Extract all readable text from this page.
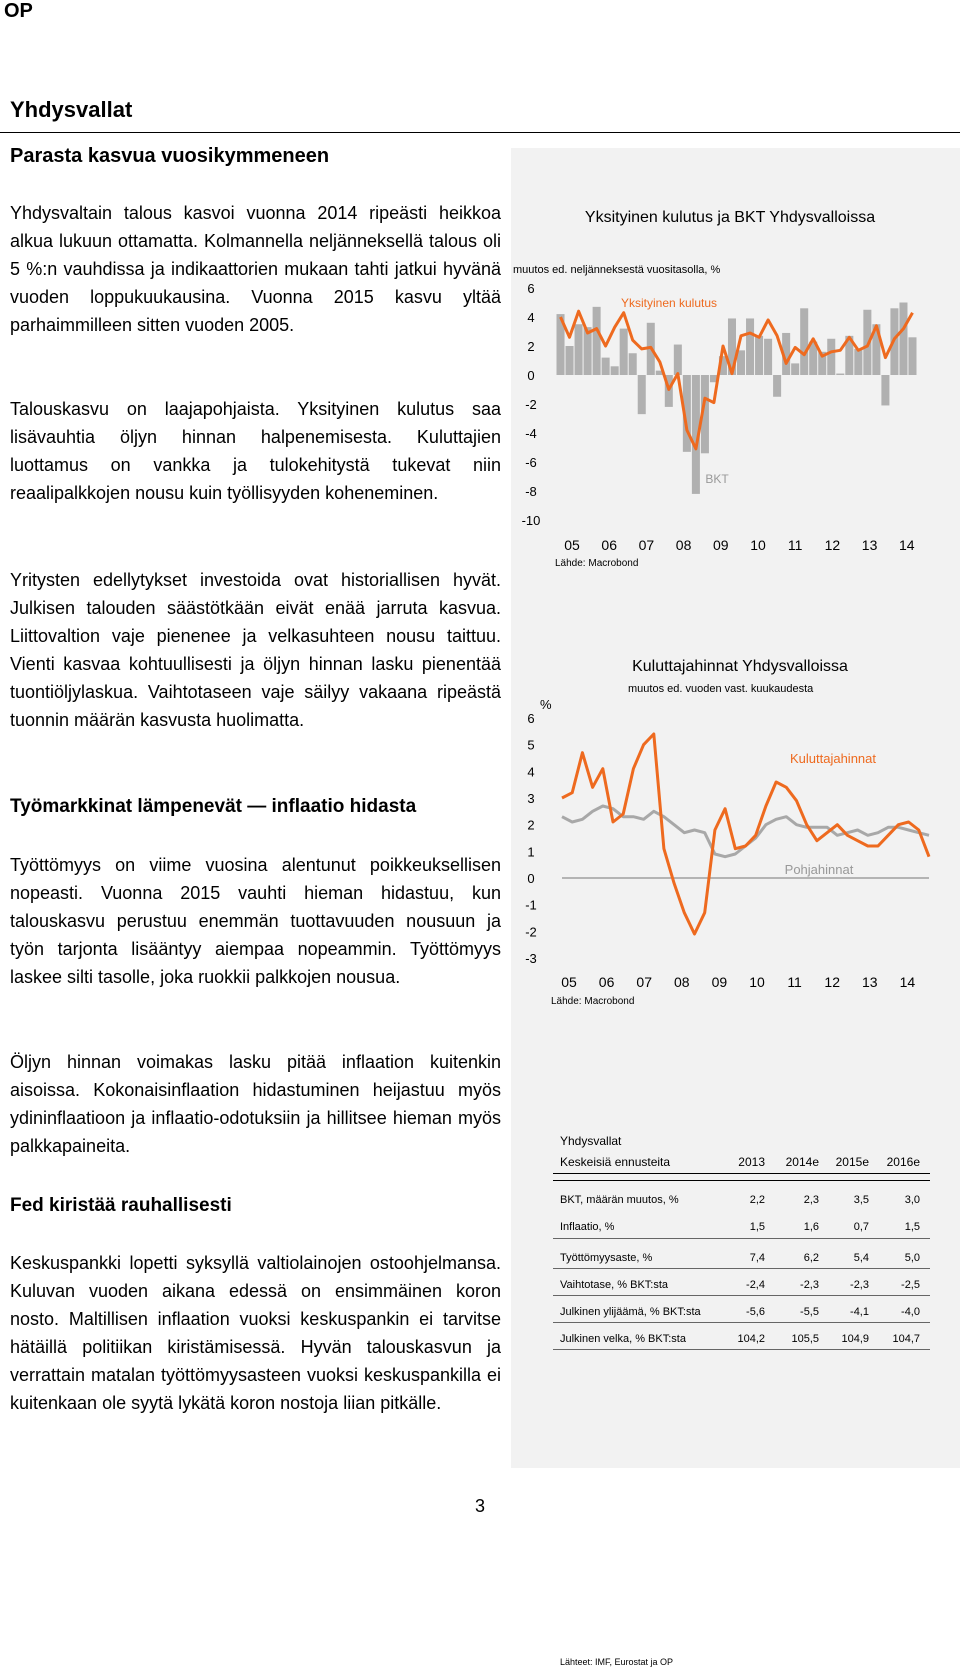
OP
Yhdysvallat
Parasta kasvua vuosikymmeneen

Yhdysvaltain talous kasvoi vuonna 2014 ripeästi heikkoa alkua lukuun ottamatta. Kolmannella neljänneksellä talous oli 5 %:n vauhdissa ja indikaattorien mukaan tahti jatkui hyvänä vuoden loppukuukausina. Vuonna 2015 kasvu yltää parhaimmilleen sitten vuoden 2005.

Talouskasvu on laajapohjaista. Yksityinen kulutus saa lisävauhtia öljyn hinnan halpenemisesta. Kuluttajien luottamus on vankka ja tulokehitystä tukevat niin reaalipalkkojen nousu kuin työllisyyden koheneminen.

Yritysten edellytykset investoida ovat historiallisen hyvät. Julkisen talouden säästötkään eivät enää jarruta kasvua. Liittovaltion vaje pienenee ja velkasuhteen nousu taittuu. Vienti kasvaa kohtuullisesti ja öljyn hinnan lasku pienentää tuontiöljylaskua. Vaihtotaseen vaje säilyy vakaana ripeästä tuonnin määrän kasvusta huolimatta.

Työmarkkinat lämpenevät — inflaatio hidasta

Työttömyys on viime vuosina alentunut poikkeuksellisen nopeasti. Vuonna 2015 vauhti hieman hidastuu, kun talouskasvu perustuu enemmän tuottavuuden nousuun ja työn tarjonta lisääntyy aiempaa nopeammin. Työttömyys laskee silti tasolle, joka ruokkii palkkojen nousua.

Öljyn hinnan voimakas lasku pitää inflaation kuitenkin aisoissa. Kokonaisinflaation hidastuminen heijastuu myös ydininflaatioon ja inflaatio-odotuksiin ja hillitsee hieman myös palkkapaineita.

Fed kiristää rauhallisesti

Keskuspankki lopetti syksyllä valtiolainojen ostoohjelmansa. Kuluvan vuoden aikana edessä on ensimmäinen koron nosto. Maltillisen inflaation vuoksi keskuspankin ei tarvitse hätäillä politiikan kiristämisessä. Hyvän talouskasvun ja verrattain matalan työttömyysasteen vuoksi keskuspankilla ei kuitenkaan ole syytä lykätä koron nostoja liian pitkälle.

Yksityinen kulutus ja BKT Yhdysvalloissa
muutos ed. neljänneksestä vuositasolla, %
6
4
2
0
-2
-4
-6
-8
-10
05 06 07 08 09 10 11 12 13 14
Yksityinen kulutus
BKT
Lähde: Macrobond
Kuluttajahinnat Yhdysvalloissa
muutos ed. vuoden vast. kuukaudesta
%
6
5
4
3
2
1
0
-1
-2
-3
05 06 07 08 09 10 11 12 13 14
Kuluttajahinnat
Pohjahinnat
Lähde: Macrobond
Yhdysvallat
Keskeisiä ennusteita	2013 2014e 2015e 2016e
BKT, määrän muutos, %	2,2	2,3	3,5	3,0
Inflaatio, %	1,5	1,6	0,7	1,5
Työttömyysaste, %	7,4	6,2	5,4	5,0
Vaihtotase, % BKT:sta	-2,4	-2,3	-2,3	-2,5
Julkinen ylijäämä, % BKT:sta	-5,6	-5,5	-4,1	-4,0
Julkinen velka, % BKT:sta	104,2 105,5 104,9 104,7
Lähteet: IMF, Eurostat ja OP
3
